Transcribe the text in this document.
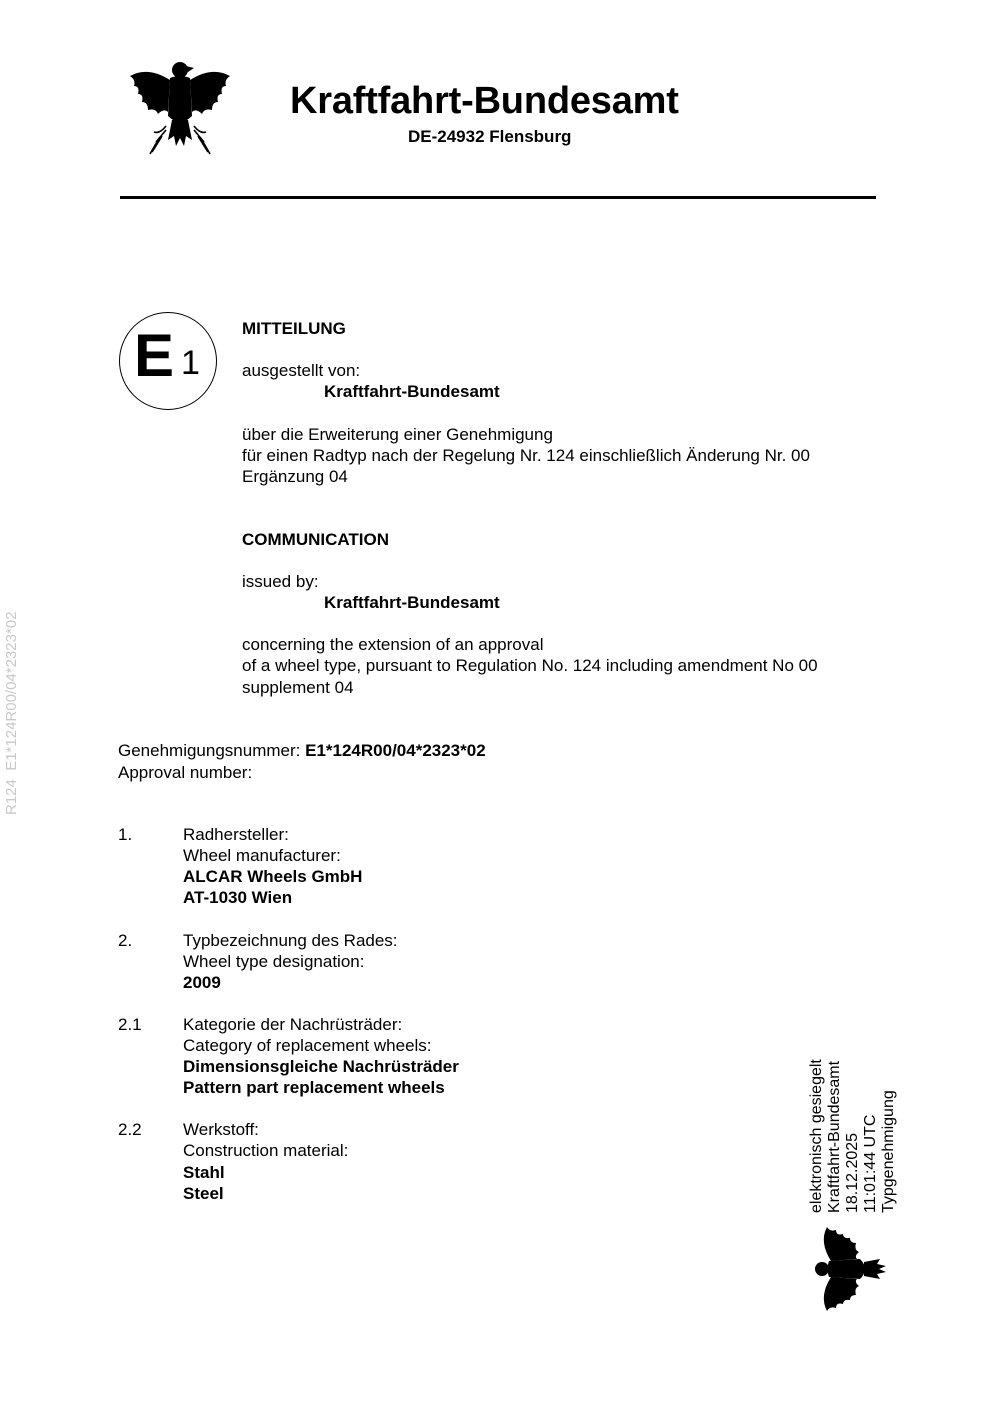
Kraftfahrt-Bundesamt
DE-24932 Flensburg
E 1
MITTEILUNG
ausgestellt von:
Kraftfahrt-Bundesamt
über die Erweiterung einer Genehmigung
für einen Radtyp nach der Regelung Nr. 124 einschließlich Änderung Nr. 00
Ergänzung 04
COMMUNICATION
issued by:
Kraftfahrt-Bundesamt
concerning the extension of an approval
of a wheel type, pursuant to Regulation No. 124 including amendment No 00
supplement 04
Genehmigungsnummer: E1*124R00/04*2323*02
Approval number:
1.	Radhersteller:
Wheel manufacturer:
ALCAR Wheels GmbH
AT-1030 Wien
2.	Typbezeichnung des Rades:
Wheel type designation:
2009
2.1 Kategorie der Nachrüsträder:
Category of replacement wheels:
Dimensionsgleiche Nachrüsträder
Pattern part replacement wheels
2.2 Werkstoff:
Construction material:
Stahl
Steel
R124  E1*124R00/04*2323*02
elektronisch gesiegelt Kraftfahrt-Bundesamt 18.12.2025 11:01:44 UTC Typgenehmigung
